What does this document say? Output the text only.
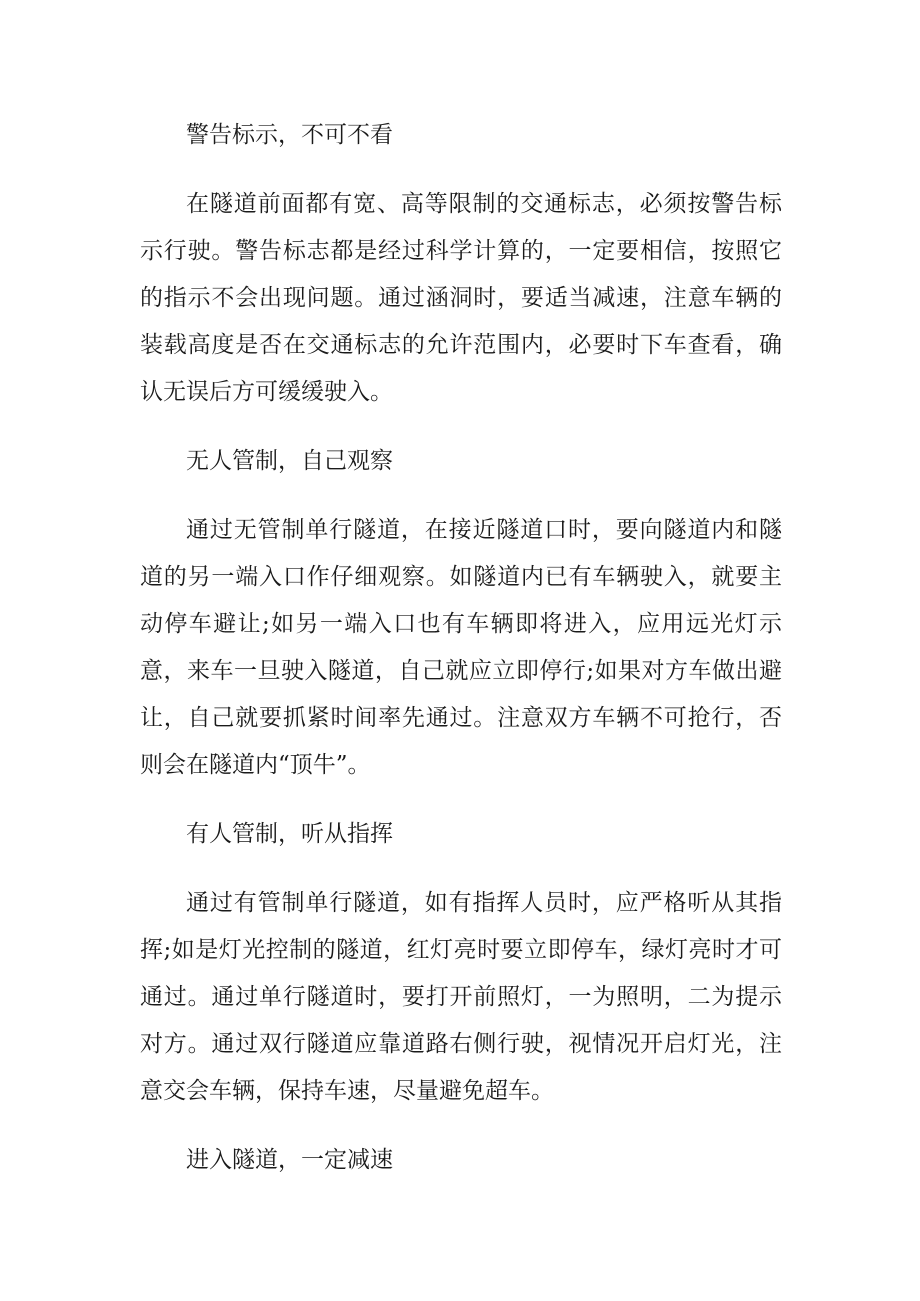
警告标示，不可不看

在隧道前面都有宽、高等限制的交通标志，必须按警告标示行驶。警告标志都是经过科学计算的，一定要相信，按照它的指示不会出现问题。通过涵洞时，要适当减速，注意车辆的装载高度是否在交通标志的允许范围内，必要时下车查看，确认无误后方可缓缓驶入。

无人管制，自己观察

通过无管制单行隧道，在接近隧道口时，要向隧道内和隧道的另一端入口作仔细观察。如隧道内已有车辆驶入，就要主动停车避让;如另一端入口也有车辆即将进入，应用远光灯示意，来车一旦驶入隧道，自己就应立即停行;如果对方车做出避让，自己就要抓紧时间率先通过。注意双方车辆不可抢行，否则会在隧道内“顶牛”。

有人管制，听从指挥

通过有管制单行隧道，如有指挥人员时，应严格听从其指挥;如是灯光控制的隧道，红灯亮时要立即停车，绿灯亮时才可通过。通过单行隧道时，要打开前照灯，一为照明，二为提示对方。通过双行隧道应靠道路右侧行驶，视情况开启灯光，注意交会车辆，保持车速，尽量避免超车。

进入隧道，一定减速
